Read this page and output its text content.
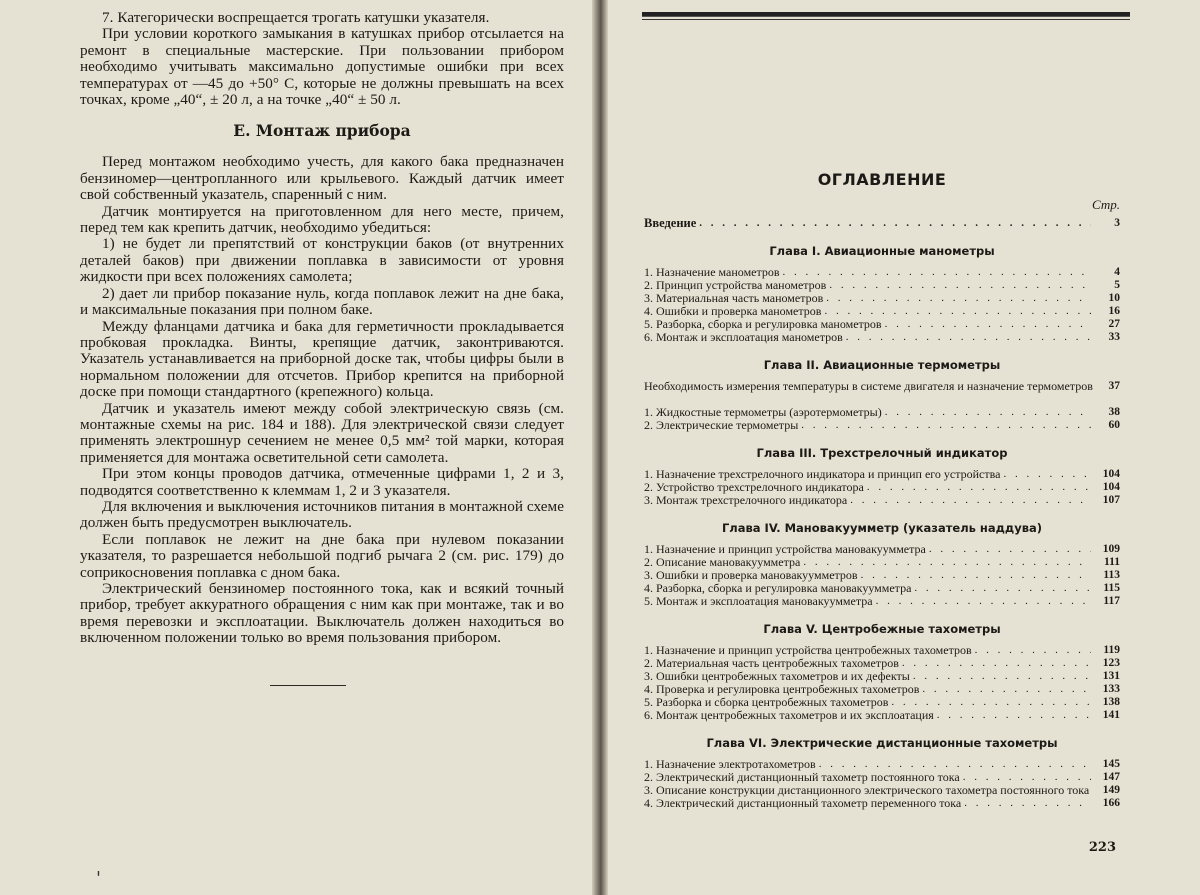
7. Категорически воспрещается трогать катушки указателя.

При условии короткого замыкания в катушках прибор отсылается на ремонт в специальные мастерские. При пользовании прибором необходимо учитывать максимально допустимые ошибки при всех температурах от —45 до +50° С, которые не должны превышать на всех точках, кроме „40“, ± 20 л, а на точке „40“ ± 50 л.

Е. Монтаж прибора

Перед монтажом необходимо учесть, для какого бака предназначен бензиномер—центропланного или крыльевого. Каждый датчик имеет свой собственный указатель, спаренный с ним.

Датчик монтируется на приготовленном для него месте, причем, перед тем как крепить датчик, необходимо убедиться:

1) не будет ли препятствий от конструкции баков (от внутренних деталей баков) при движении поплавка в зависимости от уровня жидкости при всех положениях самолета;

2) дает ли прибор показание нуль, когда поплавок лежит на дне бака, и максимальные показания при полном баке.

Между фланцами датчика и бака для герметичности прокладывается пробковая прокладка. Винты, крепящие датчик, законтриваются. Указатель устанавливается на приборной доске так, чтобы цифры были в нормальном положении для отсчетов. Прибор крепится на приборной доске при помощи стандартного (крепежного) кольца.

Датчик и указатель имеют между собой электрическую связь (см. монтажные схемы на рис. 184 и 188). Для электрической связи следует применять электрошнур сечением не менее 0,5 мм² той марки, которая применяется для монтажа осветительной сети самолета.

При этом концы проводов датчика, отмеченные цифрами 1, 2 и 3, подводятся соответственно к клеммам 1, 2 и 3 указателя.

Для включения и выключения источников питания в монтажной схеме должен быть предусмотрен выключатель.

Если поплавок не лежит на дне бака при нулевом показании указателя, то разрешается небольшой подгиб рычага 2 (см. рис. 179) до соприкосновения поплавка с дном бака.

Электрический бензиномер постоянного тока, как и всякий точный прибор, требует аккуратного обращения с ним как при монтаже, так и во время перевозки и эксплоатации. Выключатель должен находиться во включенном положении только во время пользования прибором.

'
ОГЛАВЛЕНИЕ
Стр.
Введение . . .	3
Глава I. Авиационные манометры
1. Назначение манометров . . .	4
2. Принцип устройства манометров . . .	5
3. Материальная часть манометров . . .	10
4. Ошибки и проверка манометров . . .	16
5. Разборка, сборка и регулировка манометров . . .	27
6. Монтаж и эксплоатация манометров . . .	33
Глава II. Авиационные термометры
Необходимость измерения температуры в системе двигателя и назначение термометров	37
1. Жидкостные термометры (аэротермометры) . . .	38
2. Электрические термометры . . .	60
Глава III. Трехстрелочный индикатор
1. Назначение трехстрелочного индикатора и принцип его устройства . . .	104
2. Устройство трехстрелочного индикатора . . .	104
3. Монтаж трехстрелочного индикатора . . .	107
Глава IV. Мановакуумметр (указатель наддува)
1. Назначение и принцип устройства мановакуумметра . . .	109
2. Описание мановакуумметра . . .	111
3. Ошибки и проверка мановакуумметров . . .	113
4. Разборка, сборка и регулировка мановакуумметра . . .	115
5. Монтаж и эксплоатация мановакуумметра . . .	117
Глава V. Центробежные тахометры
1. Назначение и принцип устройства центробежных тахометров . . .	119
2. Материальная часть центробежных тахометров . . .	123
3. Ошибки центробежных тахометров и их дефекты . . .	131
4. Проверка и регулировка центробежных тахометров . . .	133
5. Разборка и сборка центробежных тахометров . . .	138
6. Монтаж центробежных тахометров и их эксплоатация . . .	141
Глава VI. Электрические дистанционные тахометры
1. Назначение электротахометров . . .	145
2. Электрический дистанционный тахометр постоянного тока . . .	147
3. Описание конструкции дистанционного электрического тахометра постоянного тока	149
4. Электрический дистанционный тахометр переменного тока . . .	166
223
